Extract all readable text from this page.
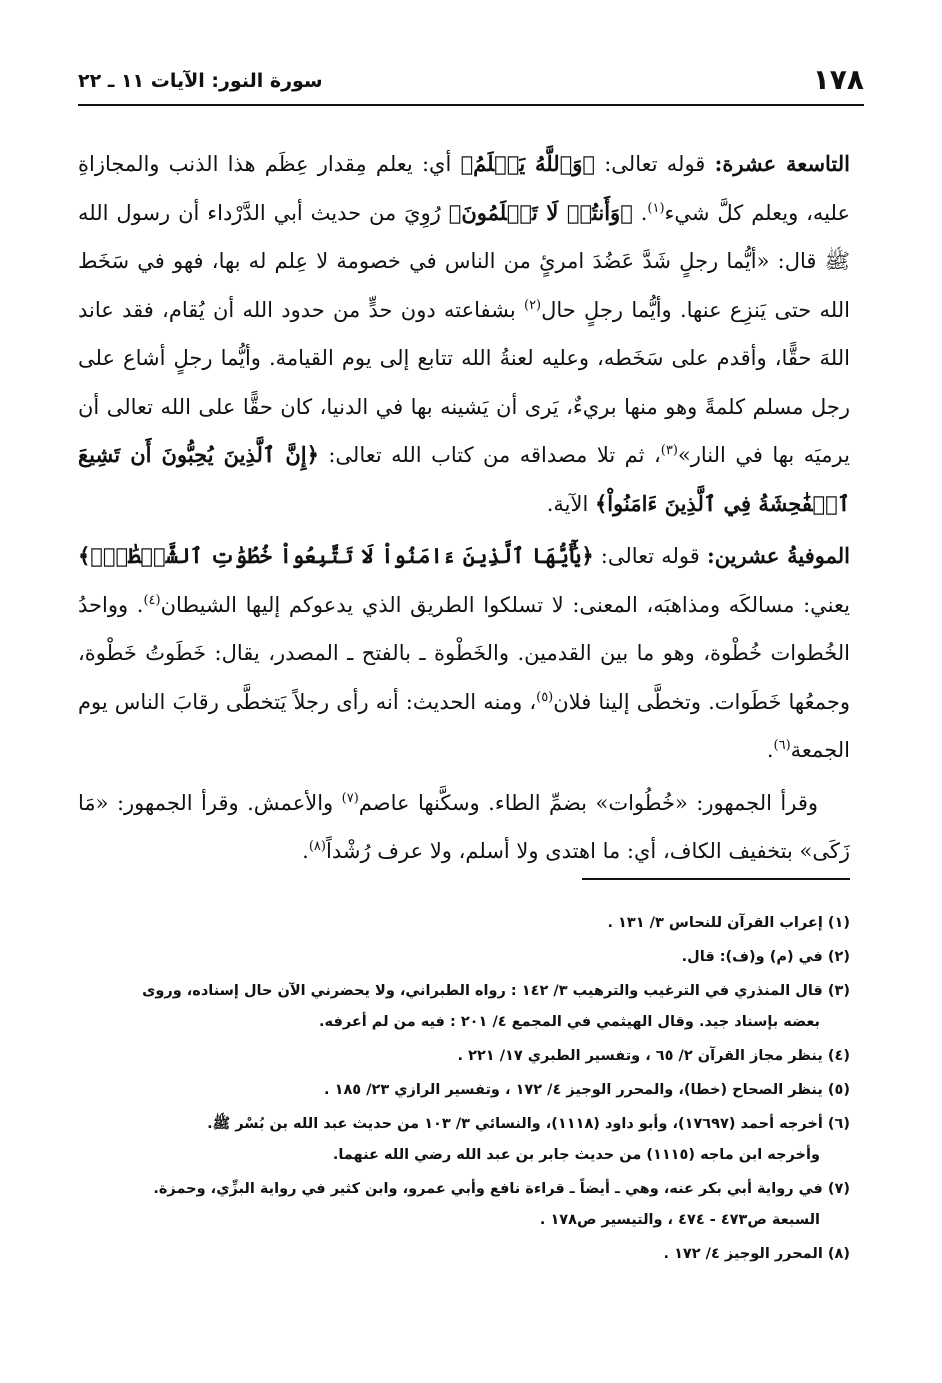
١٧٨
سورة النور: الآيات ١١ ـ ٢٢

التاسعة عشرة: قوله تعالى: ﴿وَٱللَّهُ يَعۡلَمُ﴾ أي: يعلم مِقدار عِظَم هذا الذنب والمجازاةِ عليه، ويعلم كلَّ شيء$^{(١)}$. ﴿وَأَنتُمۡ لَا تَعۡلَمُونَ﴾ رُوِيَ من حديث أبي الدَّرْداء أن رسول الله ﷺ قال: «أيُّما رجلٍ شَدَّ عَضُدَ امرئٍ من الناس في خصومة لا عِلم له بها، فهو في سَخَط الله حتى يَنزِع عنها. وأيُّما رجلٍ حال$^{(٢)}$ بشفاعته دون حدٍّ من حدود الله أن يُقام، فقد عاند اللهَ حقًّا، وأقدم على سَخَطه، وعليه لعنةُ الله تتابع إلى يوم القيامة. وأيُّما رجلٍ أشاع على رجل مسلم كلمةً وهو منها بريءٌ، يَرى أن يَشينه بها في الدنيا، كان حقًّا على الله تعالى أن يرميَه بها في النار»$^{(٣)}$، ثم تلا مصداقه من كتاب الله تعالى: ﴿إِنَّ ٱلَّذِينَ يُحِبُّونَ أَن تَشِيعَ ٱلۡفَٰحِشَةُ فِي ٱلَّذِينَ ءَامَنُواْ﴾ الآية.

الموفيةُ عشرين: قوله تعالى: ﴿يَٰٓأَيُّهَا ٱلَّذِينَ ءَامَنُواْ لَا تَتَّبِعُواْ خُطُوَٰتِ ٱلشَّيۡطَٰنِۚ﴾ يعني: مسالكَه ومذاهبَه، المعنى: لا تسلكوا الطريق الذي يدعوكم إليها الشيطان$^{(٤)}$. وواحدُ الخُطوات خُطْوة، وهو ما بين القدمين. والخَطْوة ـ بالفتح ـ المصدر، يقال: خَطَوتُ خَطْوة، وجمعُها خَطَوات. وتخطَّى إلينا فلان$^{(٥)}$، ومنه الحديث: أنه رأى رجلاً يَتخطَّى رقابَ الناس يوم الجمعة$^{(٦)}$.

وقرأ الجمهور: «خُطُوات» بضمِّ الطاء. وسكَّنها عاصم$^{(٧)}$ والأعمش. وقرأ الجمهور: «مَا زَكَى» بتخفيف الكاف، أي: ما اهتدى ولا أسلم، ولا عرف رُشْداً$^{(٨)}$.

(١) إعراب القرآن للنحاس ٣/ ١٣١ .
(٢) في (م) و(ف): قال.
(٣) قال المنذري في الترغيب والترهيب ٣/ ١٤٢ : رواه الطبراني، ولا يحضرني الآن حال إسناده، وروى
بعضه بإسناد جيد. وقال الهيثمي في المجمع ٤/ ٢٠١ : فيه من لم أعرفه.
(٤) ينظر مجاز القرآن ٢/ ٦٥ ، وتفسير الطبري ١٧/ ٢٢١ .
(٥) ينظر الصحاح (خطا)، والمحرر الوجيز ٤/ ١٧٢ ، وتفسير الرازي ٢٣/ ١٨٥ .
(٦) أخرجه أحمد (١٧٦٩٧)، وأبو داود (١١١٨)، والنسائي ٣/ ١٠٣ من حديث عبد الله بن بُسْر ﷺ.
وأخرجه ابن ماجه (١١١٥) من حديث جابر بن عبد الله رضي الله عنهما.
(٧) في رواية أبي بكر عنه، وهي ـ أيضاً ـ قراءة نافع وأبي عمرو، وابن كثير في رواية البزِّي، وحمزة.
السبعة ص٤٧٣ - ٤٧٤ ، والتيسير ص١٧٨ .
(٨) المحرر الوجيز ٤/ ١٧٢ .
